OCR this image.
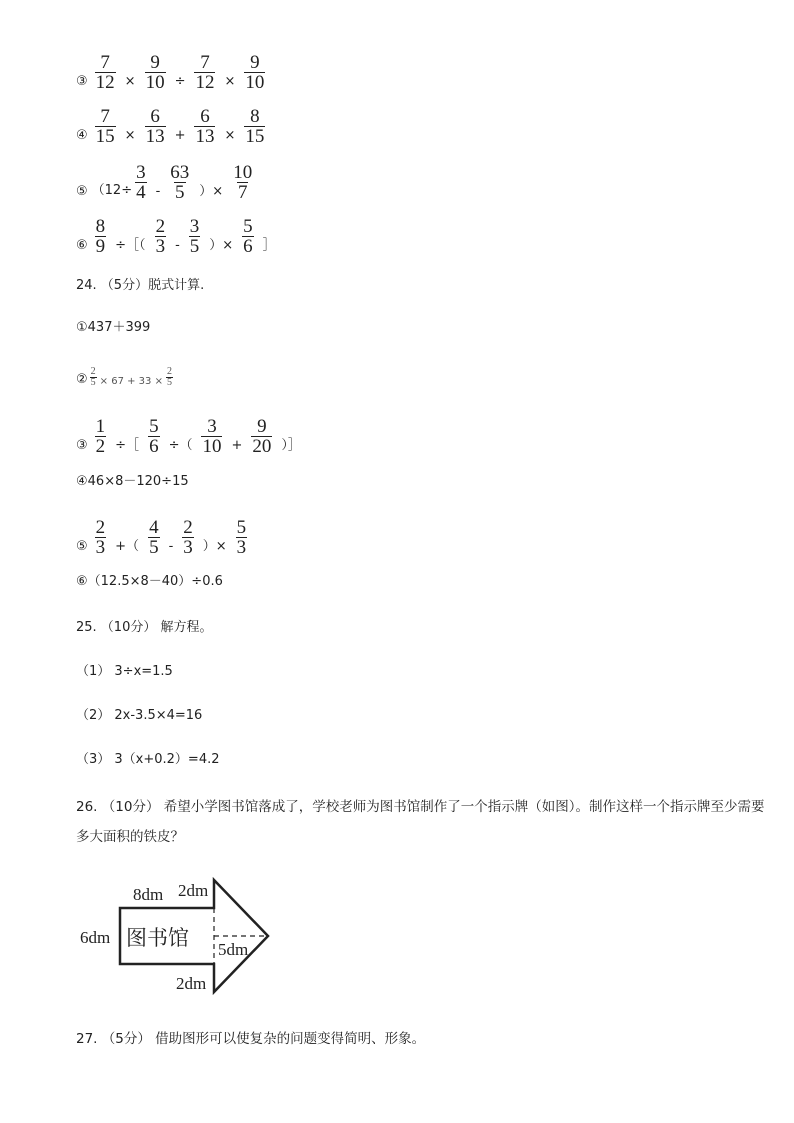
③ $\frac{7}{12} \times \frac{9}{10} \div \frac{7}{12} \times \frac{9}{10}$
④ $\frac{7}{15} \times \frac{6}{13} + \frac{6}{13} \times \frac{8}{15}$
⑤ （$12\div \frac{3}{4} - \frac{63}{5}$ ）× $\frac{10}{7}$
⑥ $\frac{8}{9}$ ÷［（ $\frac{2}{3} - \frac{3}{5}$ ）× $\frac{5}{6}$ ］
24. （5分）脱式计算.
①437＋399
② $\frac{2}{5} \times 67 + 33 \times \frac{2}{5}$
③ $\frac{1}{2}$ ÷［ $\frac{5}{6}$ ÷（ $\frac{3}{10} + \frac{9}{20}$ ）］
④46×8－120÷15
⑤ $\frac{2}{3}$ +（ $\frac{4}{5} - \frac{2}{3}$ ）× $\frac{5}{3}$
⑥（12.5×8－40）÷0.6
25. （10分） 解方程。
（1） 3÷x=1.5
（2） 2x-3.5×4=16
（3） 3（x+0.2）=4.2
26. （10分） 希望小学图书馆落成了，学校老师为图书馆制作了一个指示牌（如图）。制作这样一个指示牌至少需要多大面积的铁皮？
图书馆
8dm 2dm
6dm
5dm
2dm
27. （5分） 借助图形可以使复杂的问题变得简明、形象。
